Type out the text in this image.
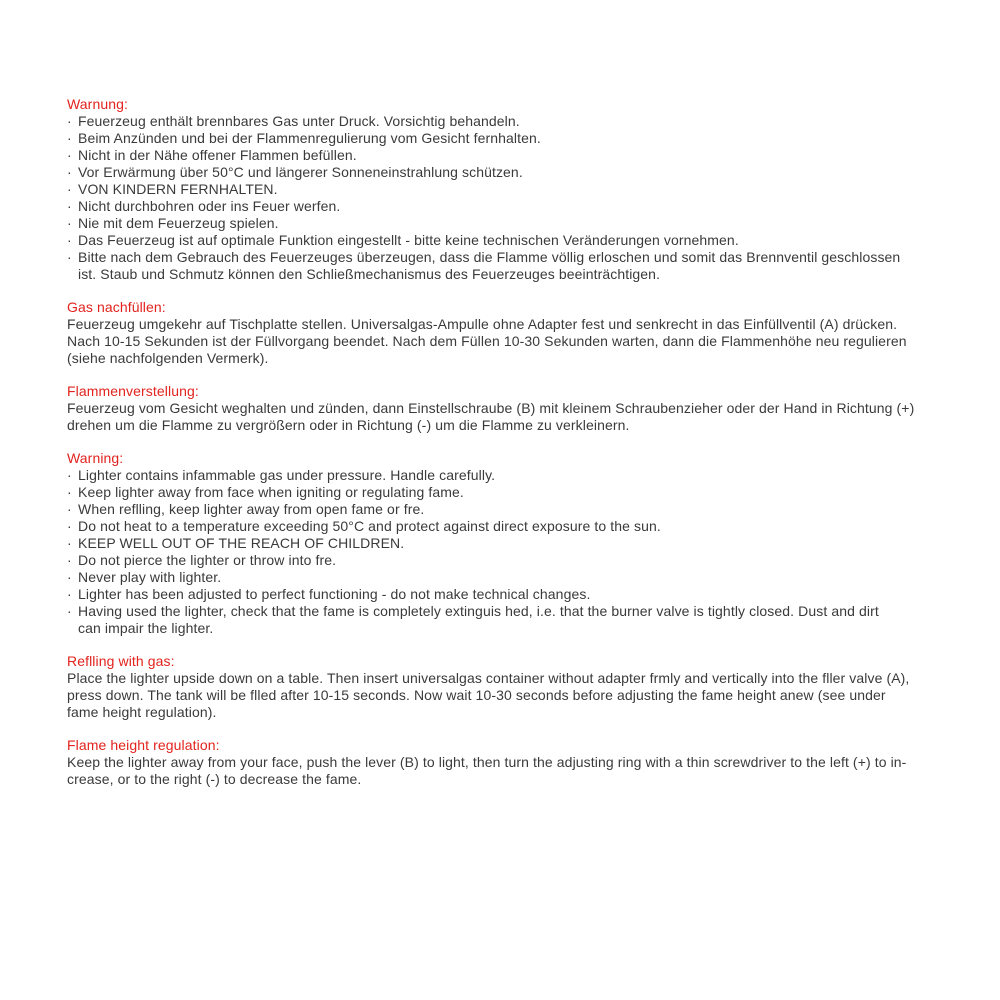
Warnung:
· Feuerzeug enthält brennbares Gas unter Druck. Vorsichtig behandeln.
· Beim Anzünden und bei der Flammenregulierung vom Gesicht fernhalten.
· Nicht in der Nähe offener Flammen befüllen.
· Vor Erwärmung über 50°C und längerer Sonneneinstrahlung schützen.
· VON KINDERN FERNHALTEN.
· Nicht durchbohren oder ins Feuer werfen.
· Nie mit dem Feuerzeug spielen.
· Das Feuerzeug ist auf optimale Funktion eingestellt - bitte keine technischen Veränderungen vornehmen.
· Bitte nach dem Gebrauch des Feuerzeuges überzeugen, dass die Flamme völlig erloschen und somit das Brennventil geschlossen
ist. Staub und Schmutz können den Schließmechanismus des Feuerzeuges beeinträchtigen.
Gas nachfüllen:
Feuerzeug umgekehr auf Tischplatte stellen. Universalgas-Ampulle ohne Adapter fest und senkrecht in das Einfüllventil (A) drücken.
Nach 10-15 Sekunden ist der Füllvorgang beendet. Nach dem Füllen 10-30 Sekunden warten, dann die Flammenhöhe neu regulieren
(siehe nachfolgenden Vermerk).
Flammenverstellung:
Feuerzeug vom Gesicht weghalten und zünden, dann Einstellschraube (B) mit kleinem Schraubenzieher oder der Hand in Richtung (+)
drehen um die Flamme zu vergrößern oder in Richtung (-) um die Flamme zu verkleinern.
Warning:
· Lighter contains infammable gas under pressure. Handle carefully.
· Keep lighter away from face when igniting or regulating fame.
· When reflling, keep lighter away from open fame or fre.
· Do not heat to a temperature exceeding 50°C and protect against direct exposure to the sun.
· KEEP WELL OUT OF THE REACH OF CHILDREN.
· Do not pierce the lighter or throw into fre.
· Never play with lighter.
· Lighter has been adjusted to perfect functioning - do not make technical changes.
· Having used the lighter, check that the fame is completely extinguis hed, i.e. that the burner valve is tightly closed. Dust and dirt
can impair the lighter.
Reflling with gas:
Place the lighter upside down on a table. Then insert universalgas container without adapter frmly and vertically into the fller valve (A),
press down. The tank will be flled after 10-15 seconds. Now wait 10-30 seconds before adjusting the fame height anew (see under
fame height regulation).
Flame height regulation:
Keep the lighter away from your face, push the lever (B) to light, then turn the adjusting ring with a thin screwdriver to the left (+) to in-
crease, or to the right (-) to decrease the fame.
